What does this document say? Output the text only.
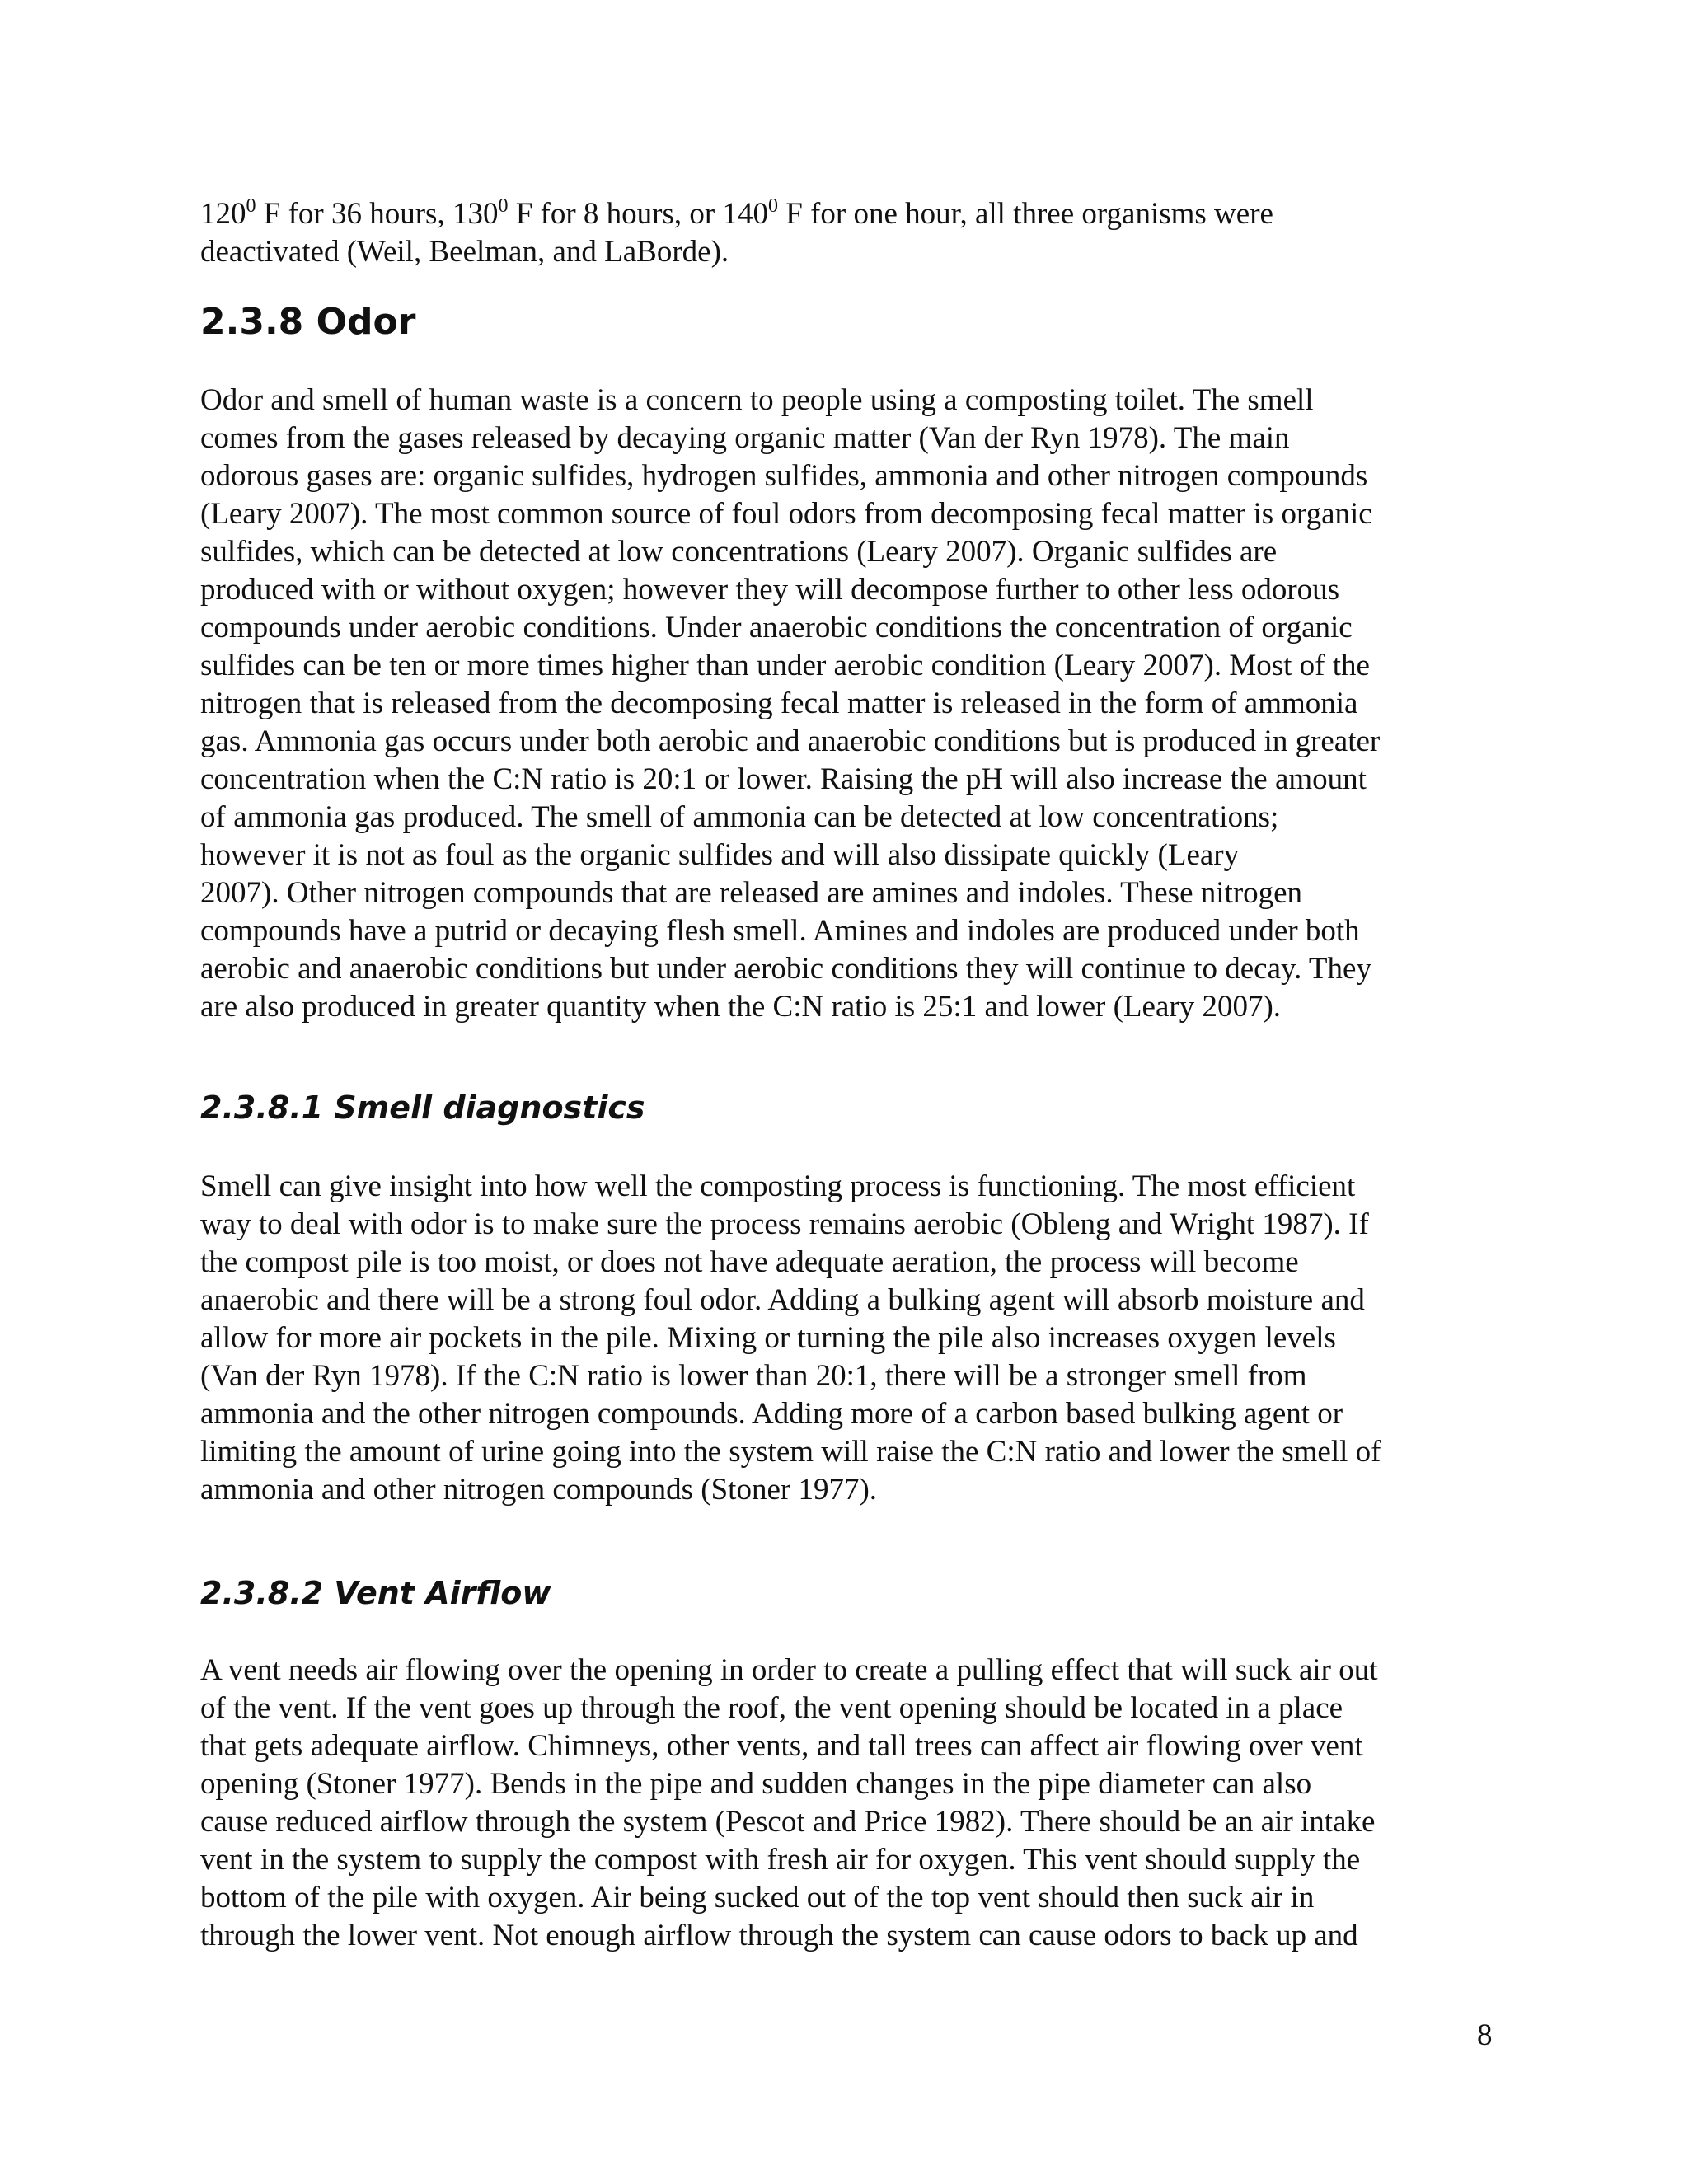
$120^0$ F for 36 hours, $130^0$ F for 8 hours, or $140^0$ F for one hour, all three organisms were
deactivated (Weil, Beelman, and LaBorde).
2.3.8 Odor
Odor and smell of human waste is a concern to people using a composting toilet. The smell
comes from the gases released by decaying organic matter (Van der Ryn 1978). The main
odorous gases are: organic sulfides, hydrogen sulfides, ammonia and other nitrogen compounds
(Leary 2007). The most common source of foul odors from decomposing fecal matter is organic
sulfides, which can be detected at low concentrations (Leary 2007). Organic sulfides are
produced with or without oxygen; however they will decompose further to other less odorous
compounds under aerobic conditions. Under anaerobic conditions the concentration of organic
sulfides can be ten or more times higher than under aerobic condition (Leary 2007). Most of the
nitrogen that is released from the decomposing fecal matter is released in the form of ammonia
gas. Ammonia gas occurs under both aerobic and anaerobic conditions but is produced in greater
concentration when the C:N ratio is 20:1 or lower. Raising the pH will also increase the amount
of ammonia gas produced. The smell of ammonia can be detected at low concentrations;
however it is not as foul as the organic sulfides and will also dissipate quickly (Leary
2007). Other nitrogen compounds that are released are amines and indoles. These nitrogen
compounds have a putrid or decaying flesh smell. Amines and indoles are produced under both
aerobic and anaerobic conditions but under aerobic conditions they will continue to decay. They
are also produced in greater quantity when the C:N ratio is 25:1 and lower (Leary 2007).
2.3.8.1 Smell diagnostics
Smell can give insight into how well the composting process is functioning. The most efficient
way to deal with odor is to make sure the process remains aerobic (Obleng and Wright 1987). If
the compost pile is too moist, or does not have adequate aeration, the process will become
anaerobic and there will be a strong foul odor. Adding a bulking agent will absorb moisture and
allow for more air pockets in the pile. Mixing or turning the pile also increases oxygen levels
(Van der Ryn 1978). If the C:N ratio is lower than 20:1, there will be a stronger smell from
ammonia and the other nitrogen compounds. Adding more of a carbon based bulking agent or
limiting the amount of urine going into the system will raise the C:N ratio and lower the smell of
ammonia and other nitrogen compounds (Stoner 1977).
2.3.8.2 Vent Airflow
A vent needs air flowing over the opening in order to create a pulling effect that will suck air out
of the vent. If the vent goes up through the roof, the vent opening should be located in a place
that gets adequate airflow. Chimneys, other vents, and tall trees can affect air flowing over vent
opening (Stoner 1977). Bends in the pipe and sudden changes in the pipe diameter can also
cause reduced airflow through the system (Pescot and Price 1982). There should be an air intake
vent in the system to supply the compost with fresh air for oxygen. This vent should supply the
bottom of the pile with oxygen. Air being sucked out of the top vent should then suck air in
through the lower vent. Not enough airflow through the system can cause odors to back up and
8
